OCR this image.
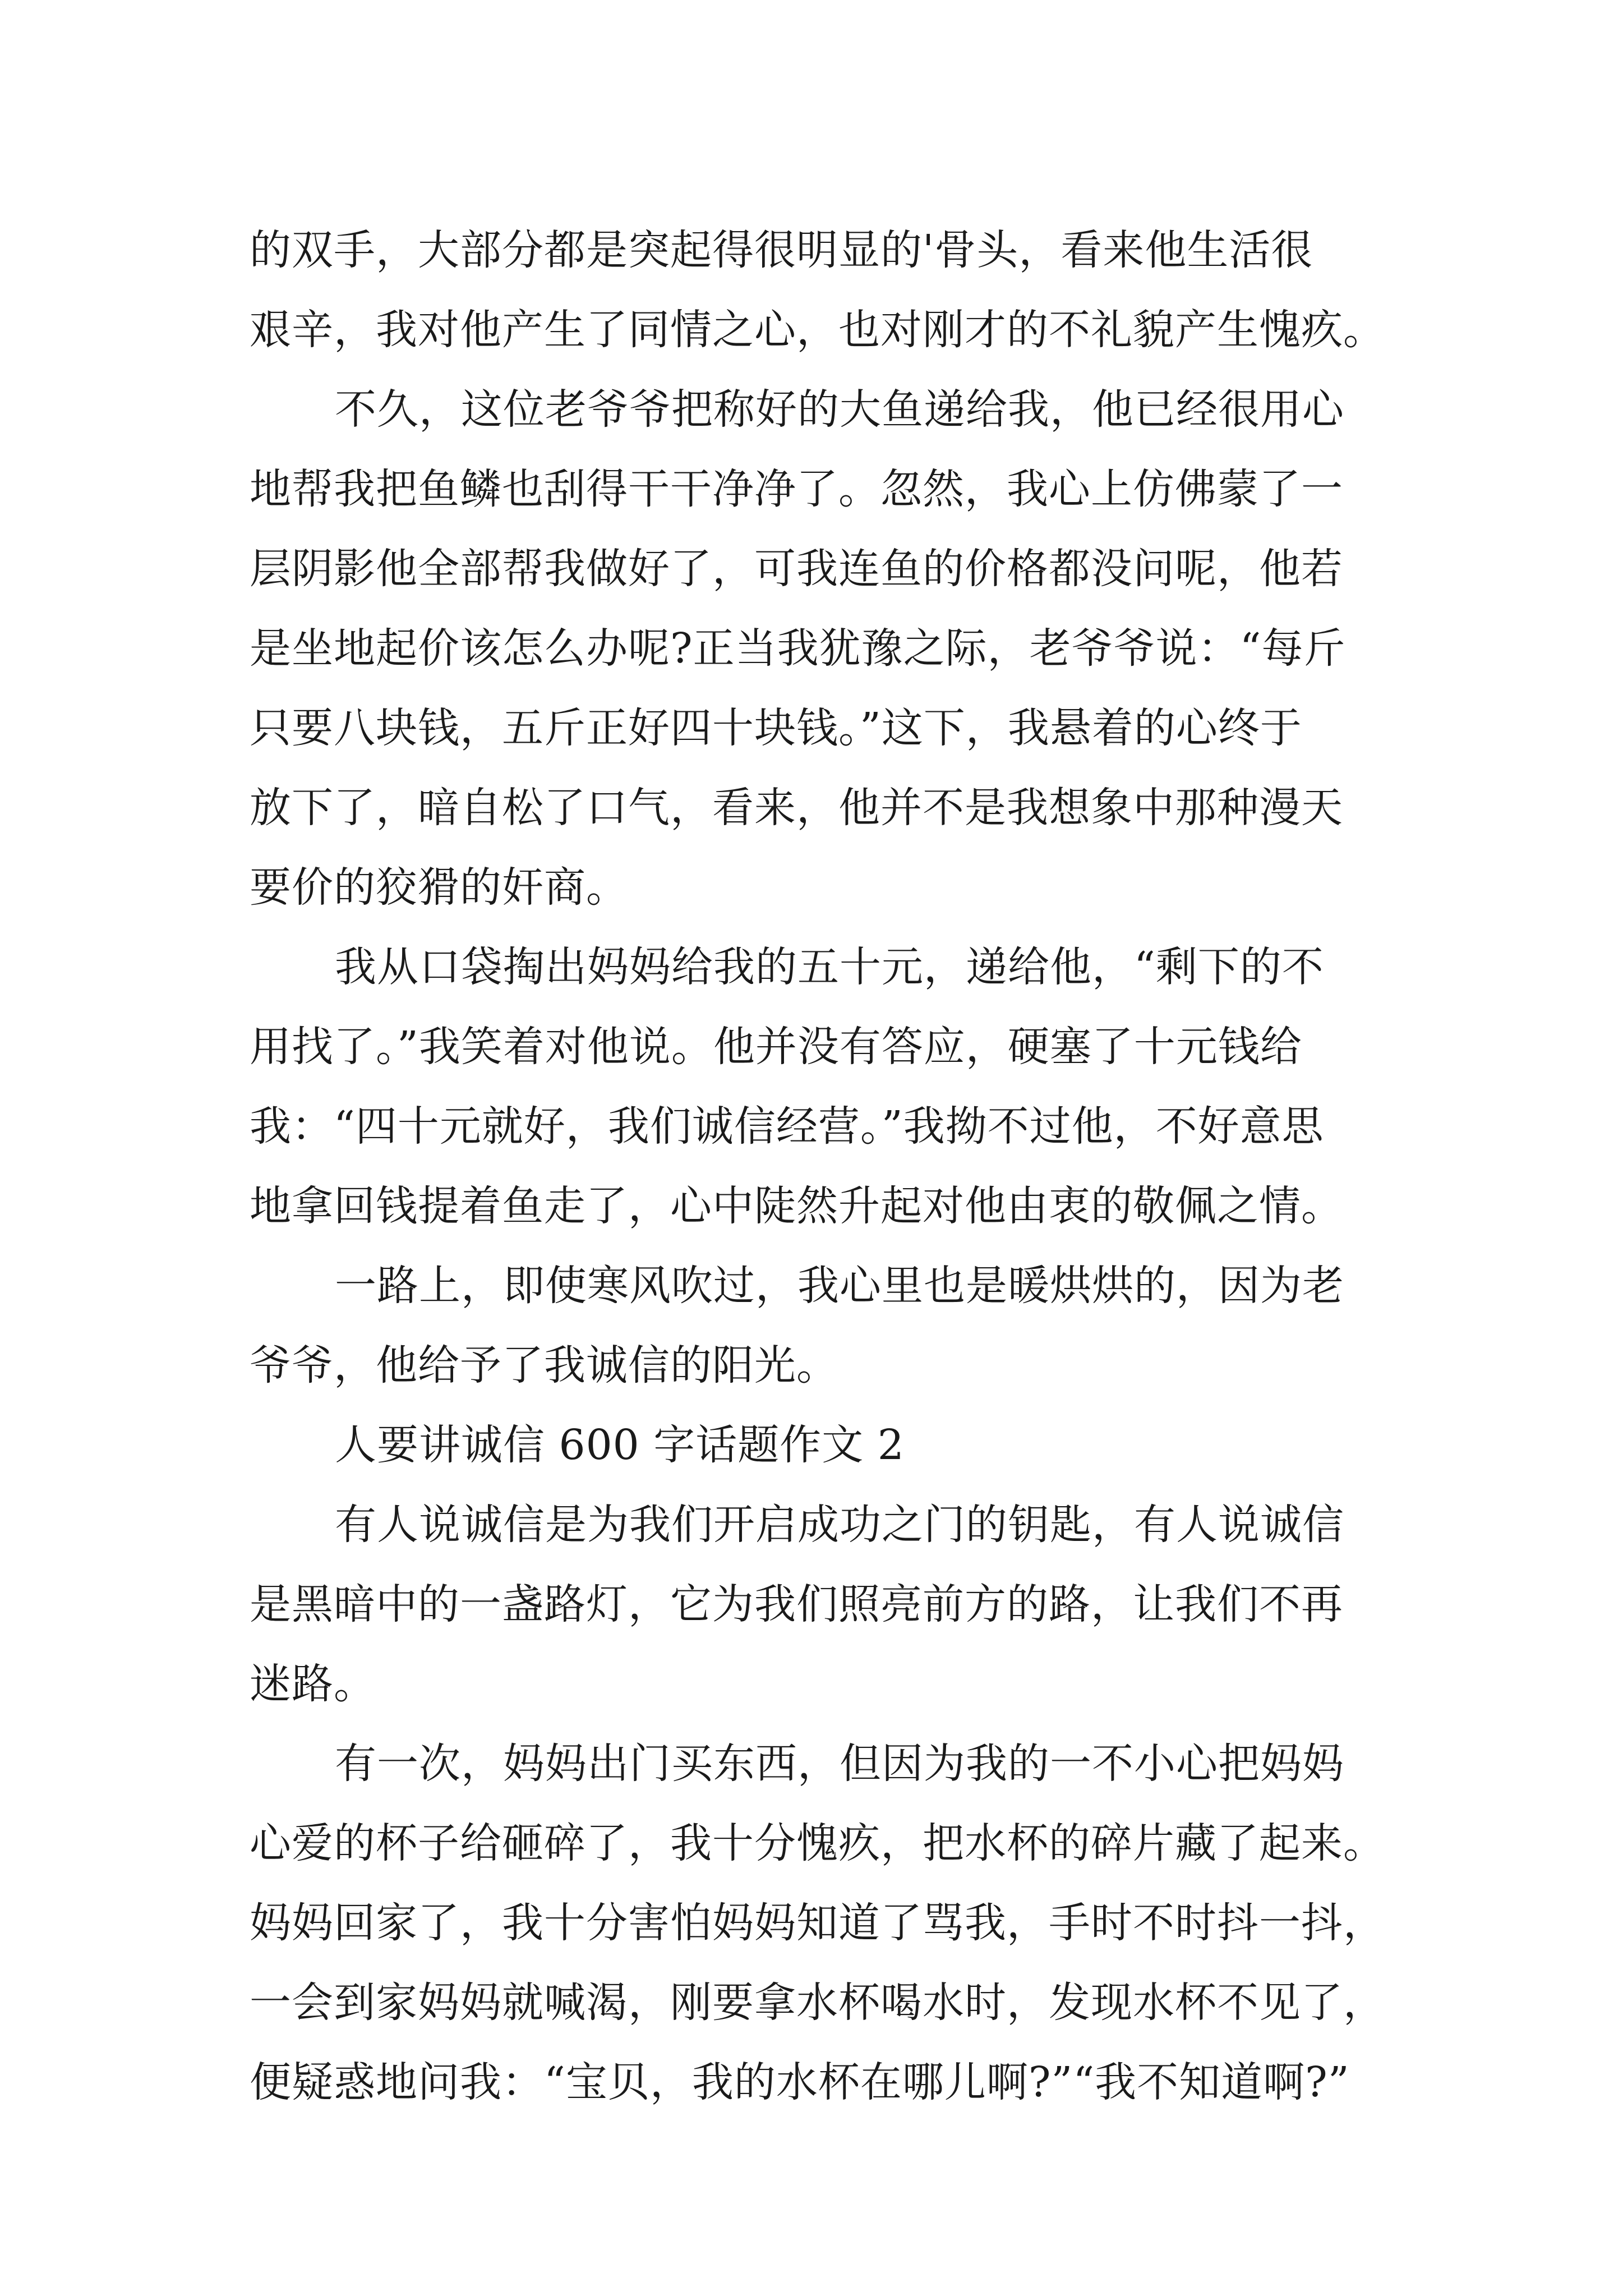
的双手，大部分都是突起得很明显的'骨头，看来他生活很
艰辛，我对他产生了同情之心，也对刚才的不礼貌产生愧疚。
不久，这位老爷爷把称好的大鱼递给我，他已经很用心
地帮我把鱼鳞也刮得干干净净了。忽然，我心上仿佛蒙了一
层阴影他全部帮我做好了，可我连鱼的价格都没问呢，他若
是坐地起价该怎么办呢?正当我犹豫之际，老爷爷说：“每斤
只要八块钱，五斤正好四十块钱。”这下，我悬着的心终于
放下了，暗自松了口气，看来，他并不是我想象中那种漫天
要价的狡猾的奸商。
我从口袋掏出妈妈给我的五十元，递给他，“剩下的不
用找了。”我笑着对他说。他并没有答应，硬塞了十元钱给
我：“四十元就好，我们诚信经营。”我拗不过他，不好意思
地拿回钱提着鱼走了，心中陡然升起对他由衷的敬佩之情。
一路上，即使寒风吹过，我心里也是暖烘烘的，因为老
爷爷，他给予了我诚信的阳光。
人要讲诚信 600 字话题作文 2
有人说诚信是为我们开启成功之门的钥匙，有人说诚信
是黑暗中的一盏路灯，它为我们照亮前方的路，让我们不再
迷路。
有一次，妈妈出门买东西，但因为我的一不小心把妈妈
心爱的杯子给砸碎了，我十分愧疚，把水杯的碎片藏了起来。
妈妈回家了，我十分害怕妈妈知道了骂我，手时不时抖一抖，
一会到家妈妈就喊渴，刚要拿水杯喝水时，发现水杯不见了，
便疑惑地问我：“宝贝，我的水杯在哪儿啊?”“我不知道啊?”
